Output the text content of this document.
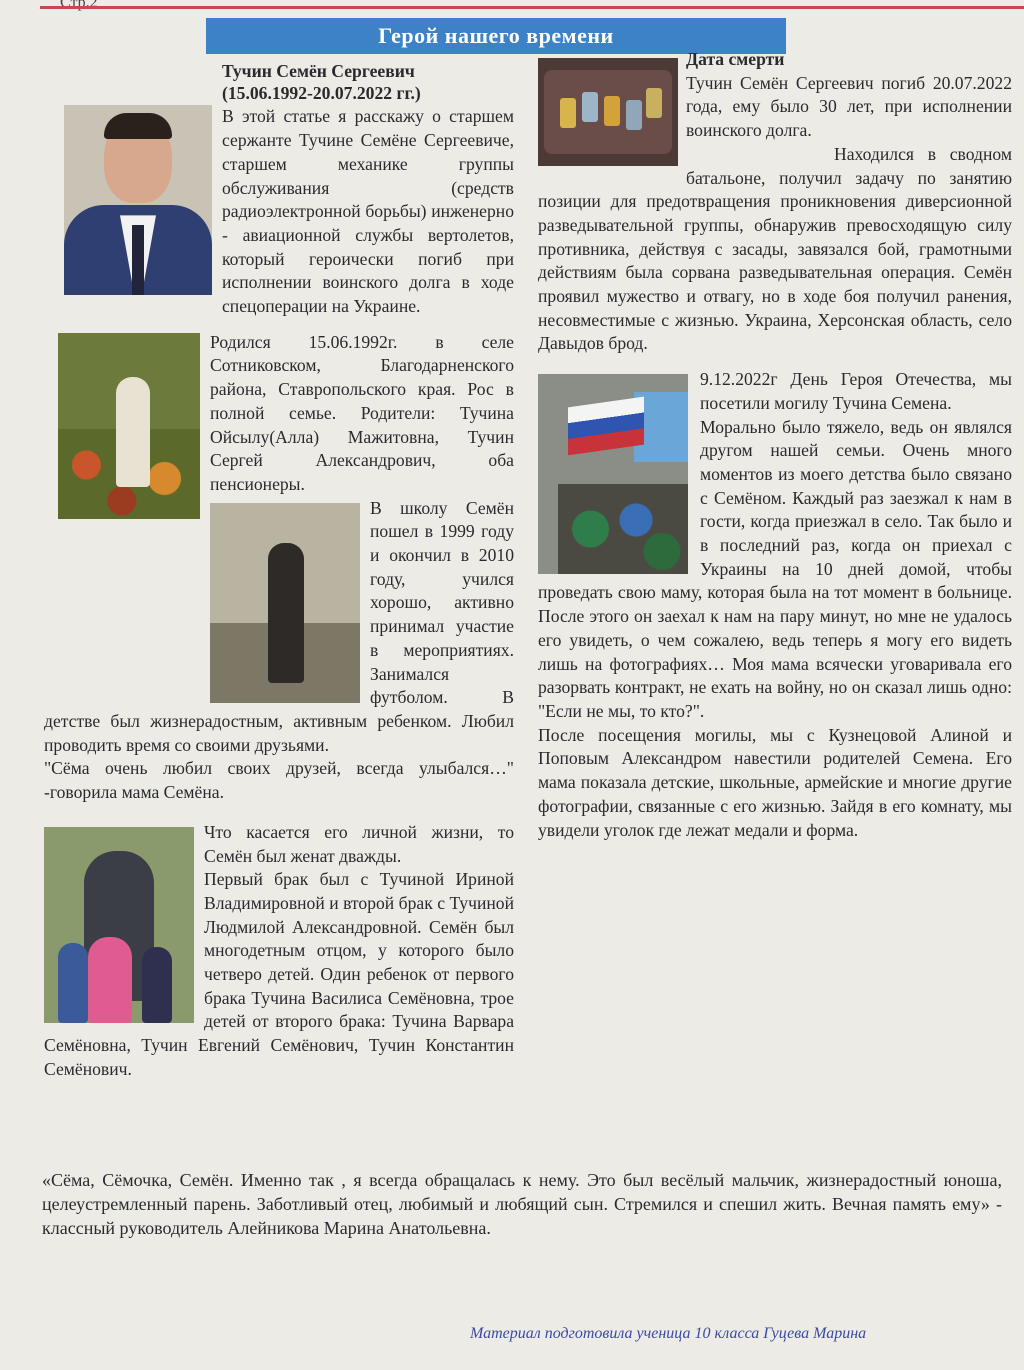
Герой нашего времени

Тучин Семён Сергеевич

(15.06.1992-20.07.2022 гг.)

В этой статье я расскажу о старшем сержанте Тучине Семёне Сергеевиче, старшем механике группы обслуживания (средств радиоэлектронной борьбы) инженерно - авиационной службы вертолетов, который героически погиб при исполнении воинского долга в ходе спецоперации на Украине.

Родился 15.06.1992г. в селе Сотниковском, Благодарненского района, Ставропольского края. Рос в полной семье. Родители: Тучина Ойсылу(Алла) Мажитовна, Тучин Сергей Александрович, оба пенсионеры.

В школу Семён пошел в 1999 году и окончил в 2010 году, учился хорошо, активно принимал участие в мероприятиях. Занимался футболом. В детстве был жизнерадостным, активным ребенком. Любил проводить время со своими друзьями.

"Сёма очень любил своих друзей, всегда улыбался…" -говорила мама Семёна.

Что касается его личной жизни, то Семён был женат дважды.

Первый брак был с Тучиной Ириной Владимировной и второй брак с Тучиной Людмилой Александровной. Семён был многодетным отцом, у которого было четверо детей. Один ребенок от первого брака Тучина Василиса Семёновна, трое детей от второго брака: Тучина Варвара Семёновна, Тучин Евгений Семёнович, Тучин Константин Семёнович.

Дата смерти

Тучин Семён Сергеевич погиб 20.07.2022 года, ему было 30 лет, при исполнении воинского долга.

Находился в сводном батальоне, получил задачу по занятию позиции для предотвращения проникновения диверсионной разведывательной группы, обнаружив превосходящую силу противника, действуя с засады, завязался бой, грамотными действиям была сорвана разведывательная операция. Семён проявил мужество и отвагу, но в ходе боя получил ранения, несовместимые с жизнью. Украина, Херсонская область, село Давыдов брод.

9.12.2022г День Героя Отечества, мы посетили могилу Тучина Семена.

Морально было тяжело, ведь он являлся другом нашей семьи. Очень много моментов из моего детства было связано с Семёном. Каждый раз заезжал к нам в гости, когда приезжал в село. Так было и в последний раз, когда он приехал с Украины на 10 дней домой, чтобы проведать свою маму, которая была на тот момент в больнице. После этого он заехал к нам на пару минут, но мне не удалось его увидеть, о чем сожалею, ведь теперь я могу его видеть лишь на фотографиях… Моя мама всячески уговаривала его разорвать контракт, не ехать на войну, но он сказал лишь одно: "Если не мы, то кто?".

После посещения могилы, мы с Кузнецовой Алиной и Поповым Александром навестили родителей Семена. Его мама показала детские, школьные, армейские и многие другие фотографии, связанные с его жизнью. Зайдя в его комнату, мы увидели уголок где лежат медали и форма.

«Сёма, Сёмочка, Семён. Именно так , я всегда обращалась к нему. Это был весёлый мальчик, жизнерадостный юноша, целеустремленный парень. Заботливый отец, любимый и любящий сын. Стремился и спешил жить. Вечная память ему» - классный руководитель Алейникова Марина Анатольевна.
Материал подготовила ученица 10 класса Гуцева Марина
